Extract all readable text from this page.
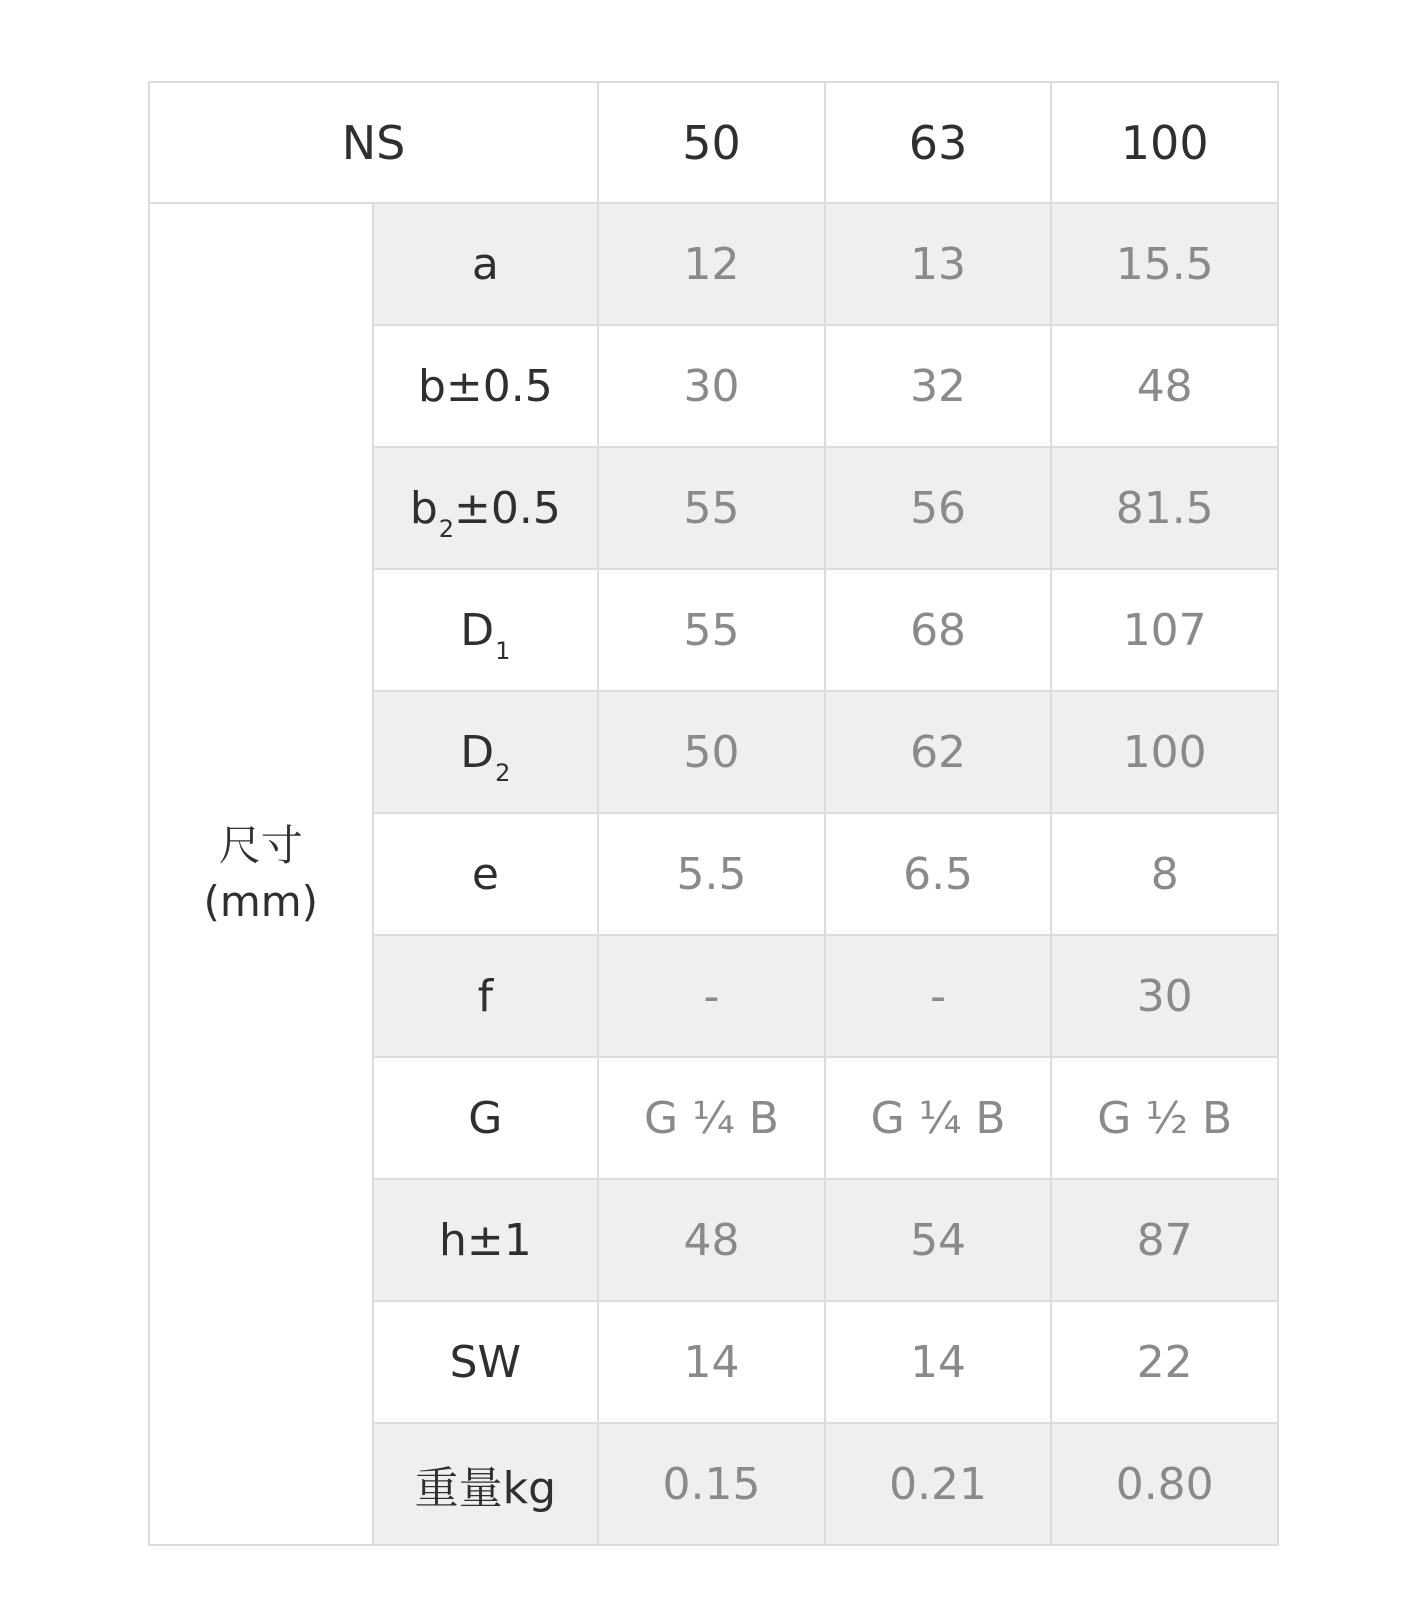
NS		50	63	100

尺寸
(mm)	a	12	13	15.5
	b±0.5	30	32	48
	$b_2\pm 0.5$	55	56	81.5
	$D_1$	55	68	107
	$D_2$	50	62	100
	e	5.5	6.5	8
	f	-	-	30
	G	G ¼ B	G ¼ B	G ½ B
	h±1	48	54	87
	SW	14	14	22
	重量kg	0.15	0.21	0.80
